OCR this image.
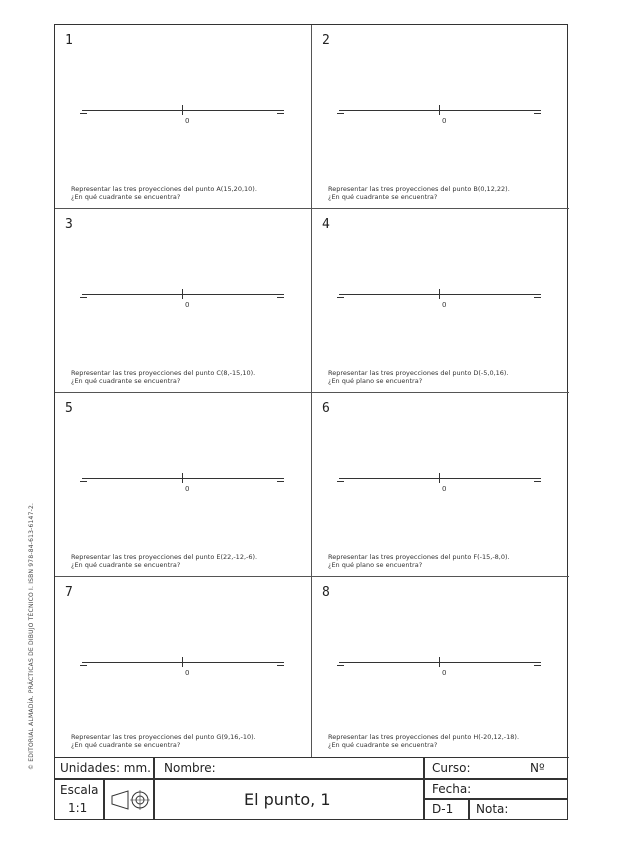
© EDITORIAL ALMADÍA. PRÁCTICAS DE DIBUJO TÉCNICO I. ISBN 978-84-613-6147-2.
1
0
Representar las tres proyecciones del punto A(15,20,10).
¿En qué cuadrante se encuentra?
2
0
Representar las tres proyecciones del punto B(0,12,22).
¿En qué cuadrante se encuentra?
3
0
Representar las tres proyecciones del punto C(8,-15,10).
¿En qué cuadrante se encuentra?
4
0
Representar las tres proyecciones del punto D(-5,0,16).
¿En qué plano se encuentra?
5
0
Representar las tres proyecciones del punto E(22,-12,-6).
¿En qué cuadrante se encuentra?
6
0
Representar las tres proyecciones del punto F(-15,-8,0).
¿En qué plano se encuentra?
7
0
Representar las tres proyecciones del punto G(9,16,-10).
¿En qué cuadrante se encuentra?
8
0
Representar las tres proyecciones del punto H(-20,12,-18).
¿En qué cuadrante se encuentra?
Unidades: mm. Nombre:	Curso:	Nº
Escala
1:1	El punto, 1
Fecha:
D-1 Nota:
